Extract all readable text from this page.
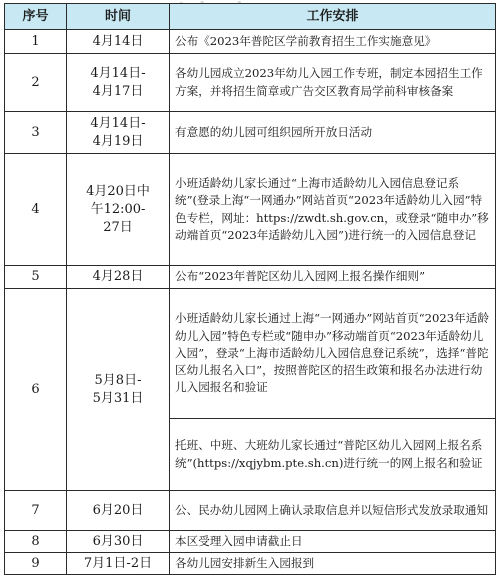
序号	时间	工作安排
1	4月14日	公布《2023年普陀区学前教育招生工作实施意见》
2	4月14日-
4月17日	各幼儿园成立2023年幼儿入园工作专班，制定本园招生工作方案，并将招生简章或广告交区教育局学前科审核备案
3	4月14日-
4月19日	有意愿的幼儿园可组织园所开放日活动
4	4月20日中
午12:00-
27日	小班适龄幼儿家长通过“上海市适龄幼儿入园信息登记系统”(登录上海“一网通办”网站首页“2023年适龄幼儿入园”特色专栏，网址：https://zwdt.sh.gov.cn，或登录“随申办”移动端首页“2023年适龄幼儿入园”)进行统一的入园信息登记
5	4月28日	公布“2023年普陀区幼儿入园网上报名操作细则”
6	5月8日-
5月31日	小班适龄幼儿家长通过上海“一网通办”网站首页“2023年适龄幼儿入园”特色专栏或“随申办”移动端首页“2023年适龄幼儿入园”，登录“上海市适龄幼儿入园信息登记系统”，选择“普陀区幼儿报名入口”，按照普陀区的招生政策和报名办法进行幼儿入园报名和验证
		托班、中班、大班幼儿家长通过“普陀区幼儿入园网上报名系统”(https://xqjybm.pte.sh.cn)进行统一的网上报名和验证
7	6月20日	公、民办幼儿园网上确认录取信息并以短信形式发放录取通知
8	6月30日	本区受理入园申请截止日
9	7月1日-2日	各幼儿园安排新生入园报到
